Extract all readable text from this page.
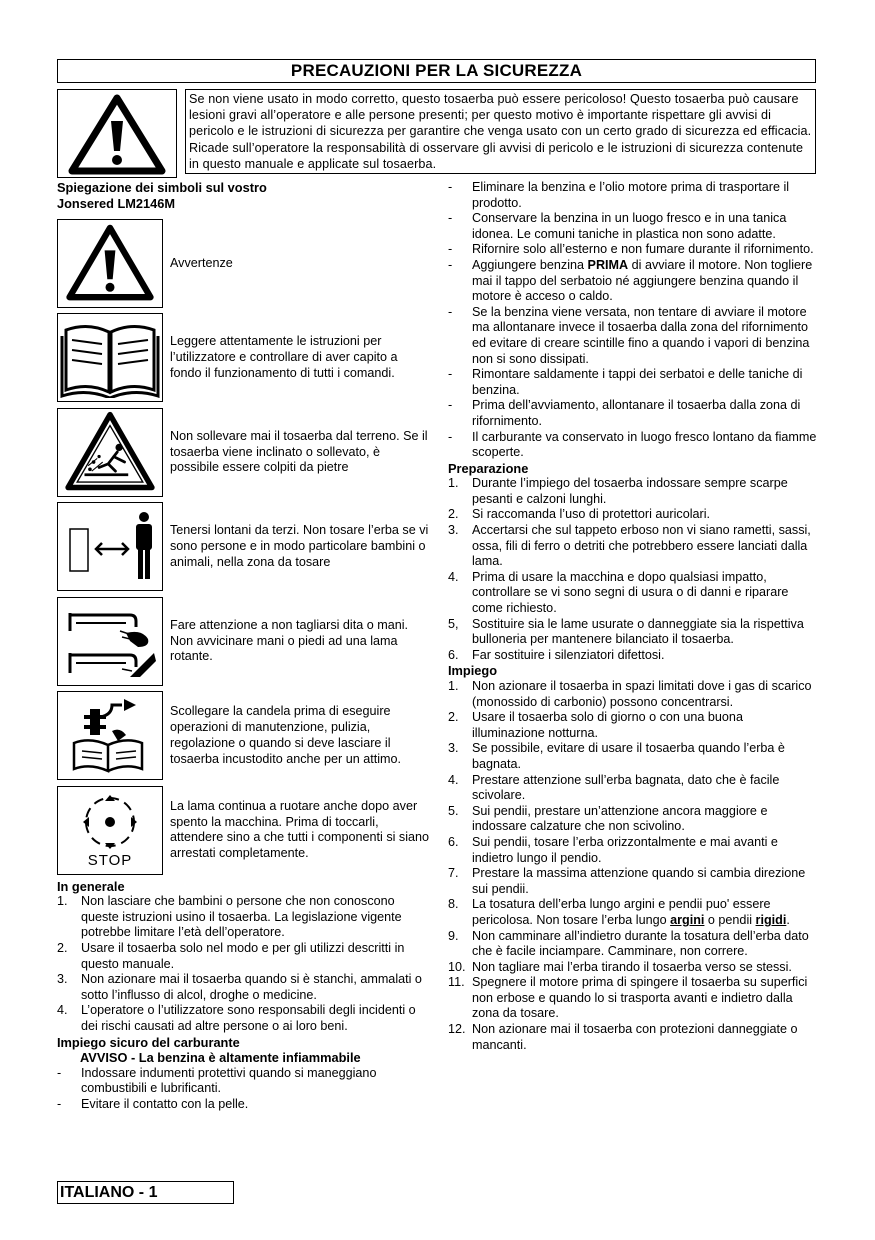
PRECAUZIONI PER LA SICUREZZA
Se non viene usato in modo corretto, questo tosaerba può essere pericoloso! Questo tosaerba può causare lesioni gravi all’operatore e alle persone presenti; per questo motivo è importante rispettare gli avvisi di pericolo e le istruzioni di sicurezza per garantire che venga usato con un certo grado di sicurezza ed efficacia. Ricade sull’operatore la responsabilità di osservare gli avvisi di pericolo e le istruzioni di sicurezza contenute in questo manuale e applicate sul tosaerba.
Spiegazione dei simboli sul vostro
Jonsered LM2146M
Avvertenze
Leggere attentamente le istruzioni per l’utilizzatore e controllare di aver capito a fondo il funzionamento di tutti i comandi.
Non sollevare mai il tosaerba dal terreno. Se il tosaerba viene inclinato o sollevato, è possibile essere colpiti da pietre
Tenersi lontani da terzi. Non tosare l’erba se vi sono persone e in modo particolare bambini o animali, nella zona da tosare
Fare attenzione a non tagliarsi dita o mani. Non avvicinare mani o piedi ad una lama rotante.
Scollegare la candela prima di eseguire operazioni di manutenzione, pulizia, regolazione o quando si deve lasciare il tosaerba incustodito anche per un attimo.
STOP
La lama continua a ruotare anche dopo aver spento la macchina. Prima di toccarli, attendere sino a che tutti i componenti si siano arrestati completamente.
In generale
1. Non lasciare che bambini o persone che non conoscono queste istruzioni usino il tosaerba. La legislazione vigente potrebbe limitare l’età dell’operatore.
2. Usare il tosaerba solo nel modo e per gli utilizzi descritti in questo manuale.
3. Non azionare mai il tosaerba quando si è stanchi, ammalati o sotto l’influsso di alcol, droghe o medicine.
4. L’operatore o l’utilizzatore sono responsabili degli incidenti o dei rischi causati ad altre persone o ai loro beni.
Impiego sicuro del carburante
AVVISO - La benzina è altamente infiammabile
- Indossare indumenti protettivi quando si maneggiano combustibili e lubrificanti.
- Evitare il contatto con la pelle.
- Eliminare la benzina e l’olio motore prima di trasportare il prodotto.
- Conservare la benzina in un luogo fresco e in una tanica idonea. Le comuni taniche in plastica non sono adatte.
- Rifornire solo all’esterno e non fumare durante il rifornimento.
- Aggiungere benzina PRIMA di avviare il motore. Non togliere mai il tappo del serbatoio né aggiungere benzina quando il motore è acceso o caldo.
- Se la benzina viene versata, non tentare di avviare il motore ma allontanare invece il tosaerba dalla zona del rifornimento ed evitare di creare scintille fino a quando i vapori di benzina non si sono dissipati.
- Rimontare saldamente i tappi dei serbatoi e delle taniche di benzina.
- Prima dell’avviamento, allontanare il tosaerba dalla zona di rifornimento.
- Il carburante va conservato in luogo fresco lontano da fiamme scoperte.
Preparazione
1. Durante l’impiego del tosaerba indossare sempre scarpe pesanti e calzoni lunghi.
2. Si raccomanda l’uso di protettori auricolari.
3. Accertarsi che sul tappeto erboso non vi siano rametti, sassi, ossa, fili di ferro o detriti che potrebbero essere lanciati dalla lama.
4. Prima di usare la macchina e dopo qualsiasi impatto, controllare se vi sono segni di usura o di danni e riparare come richiesto.
5, Sostituire sia le lame usurate o danneggiate sia la rispettiva bulloneria per mantenere bilanciato il tosaerba.
6. Far sostituire i silenziatori difettosi.
Impiego
1. Non azionare il tosaerba in spazi limitati dove i gas di scarico (monossido di carbonio) possono concentrarsi.
2. Usare il tosaerba solo di giorno o con una buona illuminazione notturna.
3. Se possibile, evitare di usare il tosaerba quando l’erba è bagnata.
4. Prestare attenzione sull’erba bagnata, dato che è facile scivolare.
5. Sui pendii, prestare un’attenzione ancora maggiore e indossare calzature che non scivolino.
6. Sui pendii, tosare l’erba orizzontalmente e mai avanti e indietro lungo il pendio.
7. Prestare la massima attenzione quando si cambia direzione sui pendii.
8. La tosatura dell’erba lungo argini e pendii puo' essere pericolosa. Non tosare l’erba lungo argini o pendii rigidi.
9. Non camminare all’indietro durante la tosatura dell’erba dato che è facile inciampare. Camminare, non correre.
10. Non tagliare mai l’erba tirando il tosaerba verso se stessi.
11. Spegnere il motore prima di spingere il tosaerba su superfici non erbose e quando lo si trasporta avanti e indietro dalla zona da tosare.
12. Non azionare mai il tosaerba con protezioni danneggiate o mancanti.
ITALIANO - 1
